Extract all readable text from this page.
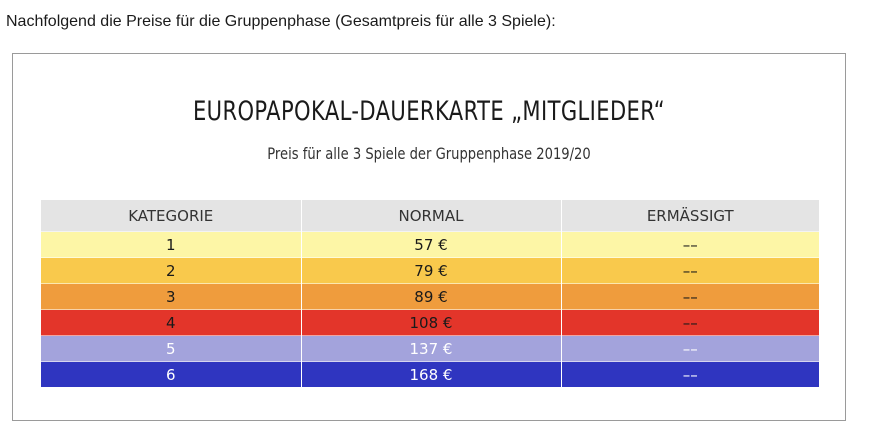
Nachfolgend die Preise für die Gruppenphase (Gesamtpreis für alle 3 Spiele):
EUROPAPOKAL-DAUERKARTE „MITGLIEDER“
Preis für alle 3 Spiele der Gruppenphase 2019/20
KATEGORIE	NORMAL	ERMÄSSIGT
1	57 €	––
2	79 €	––
3	89 €	––
4	108 €	––
5	137 €	––
6	168 €	––
